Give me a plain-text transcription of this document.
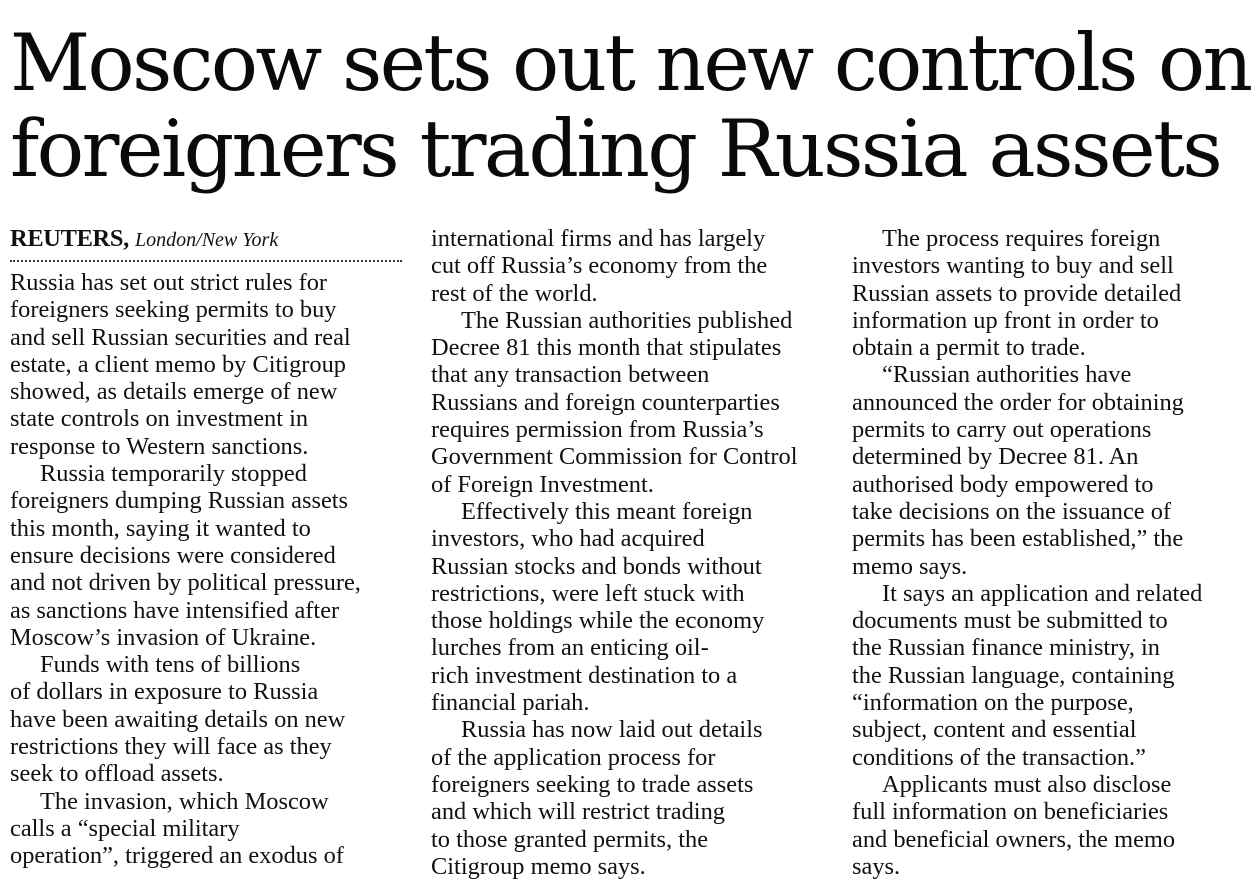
Moscow sets out new controls on
foreigners trading Russia assets
REUTERS, London/New York
Russia has set out strict rules for
foreigners seeking permits to buy
and sell Russian securities and real
estate, a client memo by Citigroup
showed, as details emerge of new
state controls on investment in
response to Western sanctions.
Russia temporarily stopped
foreigners dumping Russian assets
this month, saying it wanted to
ensure decisions were considered
and not driven by political pressure,
as sanctions have intensified after
Moscow’s invasion of Ukraine.
Funds with tens of billions
of dollars in exposure to Russia
have been awaiting details on new
restrictions they will face as they
seek to offload assets.
The invasion, which Moscow
calls a “special military
operation”, triggered an exodus of
international firms and has largely
cut off Russia’s economy from the
rest of the world.
The Russian authorities published
Decree 81 this month that stipulates
that any transaction between
Russians and foreign counterparties
requires permission from Russia’s
Government Commission for Control
of Foreign Investment.
Effectively this meant foreign
investors, who had acquired
Russian stocks and bonds without
restrictions, were left stuck with
those holdings while the economy
lurches from an enticing oil-
rich investment destination to a
financial pariah.
Russia has now laid out details
of the application process for
foreigners seeking to trade assets
and which will restrict trading
to those granted permits, the
Citigroup memo says.
The process requires foreign
investors wanting to buy and sell
Russian assets to provide detailed
information up front in order to
obtain a permit to trade.
“Russian authorities have
announced the order for obtaining
permits to carry out operations
determined by Decree 81. An
authorised body empowered to
take decisions on the issuance of
permits has been established,” the
memo says.
It says an application and related
documents must be submitted to
the Russian finance ministry, in
the Russian language, containing
“information on the purpose,
subject, content and essential
conditions of the transaction.”
Applicants must also disclose
full information on beneficiaries
and beneficial owners, the memo
says.
